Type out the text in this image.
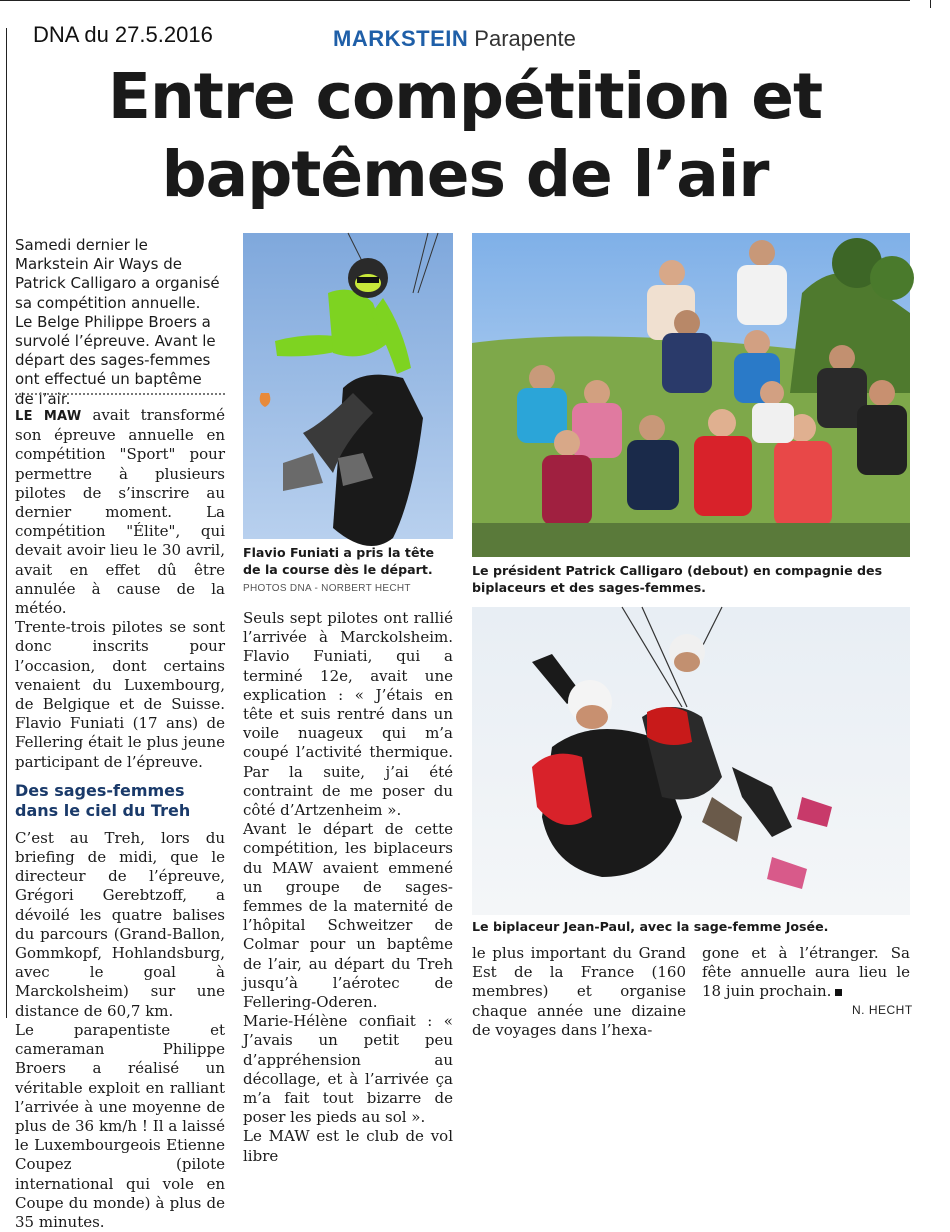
DNA du 27.5.2016	MARKSTEIN Parapente
Entre compétition et
baptêmes de l’air
Samedi dernier le Markstein Air Ways de Patrick Calligaro a organisé sa compétition annuelle. Le Belge Philippe Broers a survolé l’épreuve. Avant le départ des sages-femmes ont effectué un baptême de l’air.

LE MAW avait transformé son épreuve annuelle en compétition "Sport" pour permettre à plusieurs pilotes de s’inscrire au dernier moment. La compétition "Élite", qui devait avoir lieu le 30 avril, avait en effet dû être annulée à cause de la météo.

Trente-trois pilotes se sont donc inscrits pour l’occasion, dont certains venaient du Luxembourg, de Belgique et de Suisse. Flavio Funiati (17 ans) de Fellering était le plus jeune participant de l’épreuve.

Des sages-femmes dans le ciel du Treh

C’est au Treh, lors du briefing de midi, que le directeur de l’épreuve, Grégori Gerebtzoff, a dévoilé les quatre balises du parcours (Grand-Ballon, Gommkopf, Hohlandsburg, avec le goal à Marckolsheim) sur une distance de 60,7 km.

Le parapentiste et cameraman Philippe Broers a réalisé un véritable exploit en ralliant l’arrivée à une moyenne de plus de 36 km/h ! Il a laissé le Luxembourgeois Etienne Coupez (pilote international qui vole en Coupe du monde) à plus de 35 minutes.

Flavio Funiati a pris la tête de la course dès le départ. PHOTOS DNA - NORBERT HECHT
Le président Patrick Calligaro (debout) en compagnie des biplaceurs et des sages-femmes.
Le biplaceur Jean-Paul, avec la sage-femme Josée.

Seuls sept pilotes ont rallié l’arrivée à Marckolsheim. Flavio Funiati, qui a terminé 12e, avait une explication : « J’étais en tête et suis rentré dans un voile nuageux qui m’a coupé l’activité thermique. Par la suite, j’ai été contraint de me poser du côté d’Artzenheim ».

Avant le départ de cette compétition, les biplaceurs du MAW avaient emmené un groupe de sages-femmes de la maternité de l’hôpital Schweitzer de Colmar pour un baptême de l’air, au départ du Treh jusqu’à l’aérotec de Fellering-Oderen.

Marie-Hélène confiait : « J’avais un petit peu d’appréhension au décollage, et à l’arrivée ça m’a fait tout bizarre de poser les pieds au sol ».

Le MAW est le club de vol libre

le plus important du Grand Est de la France (160 membres) et organise chaque année une dizaine de voyages dans l’hexa-

gone et à l’étranger. Sa fête annuelle aura lieu le 18 juin prochain.

N. HECHT
